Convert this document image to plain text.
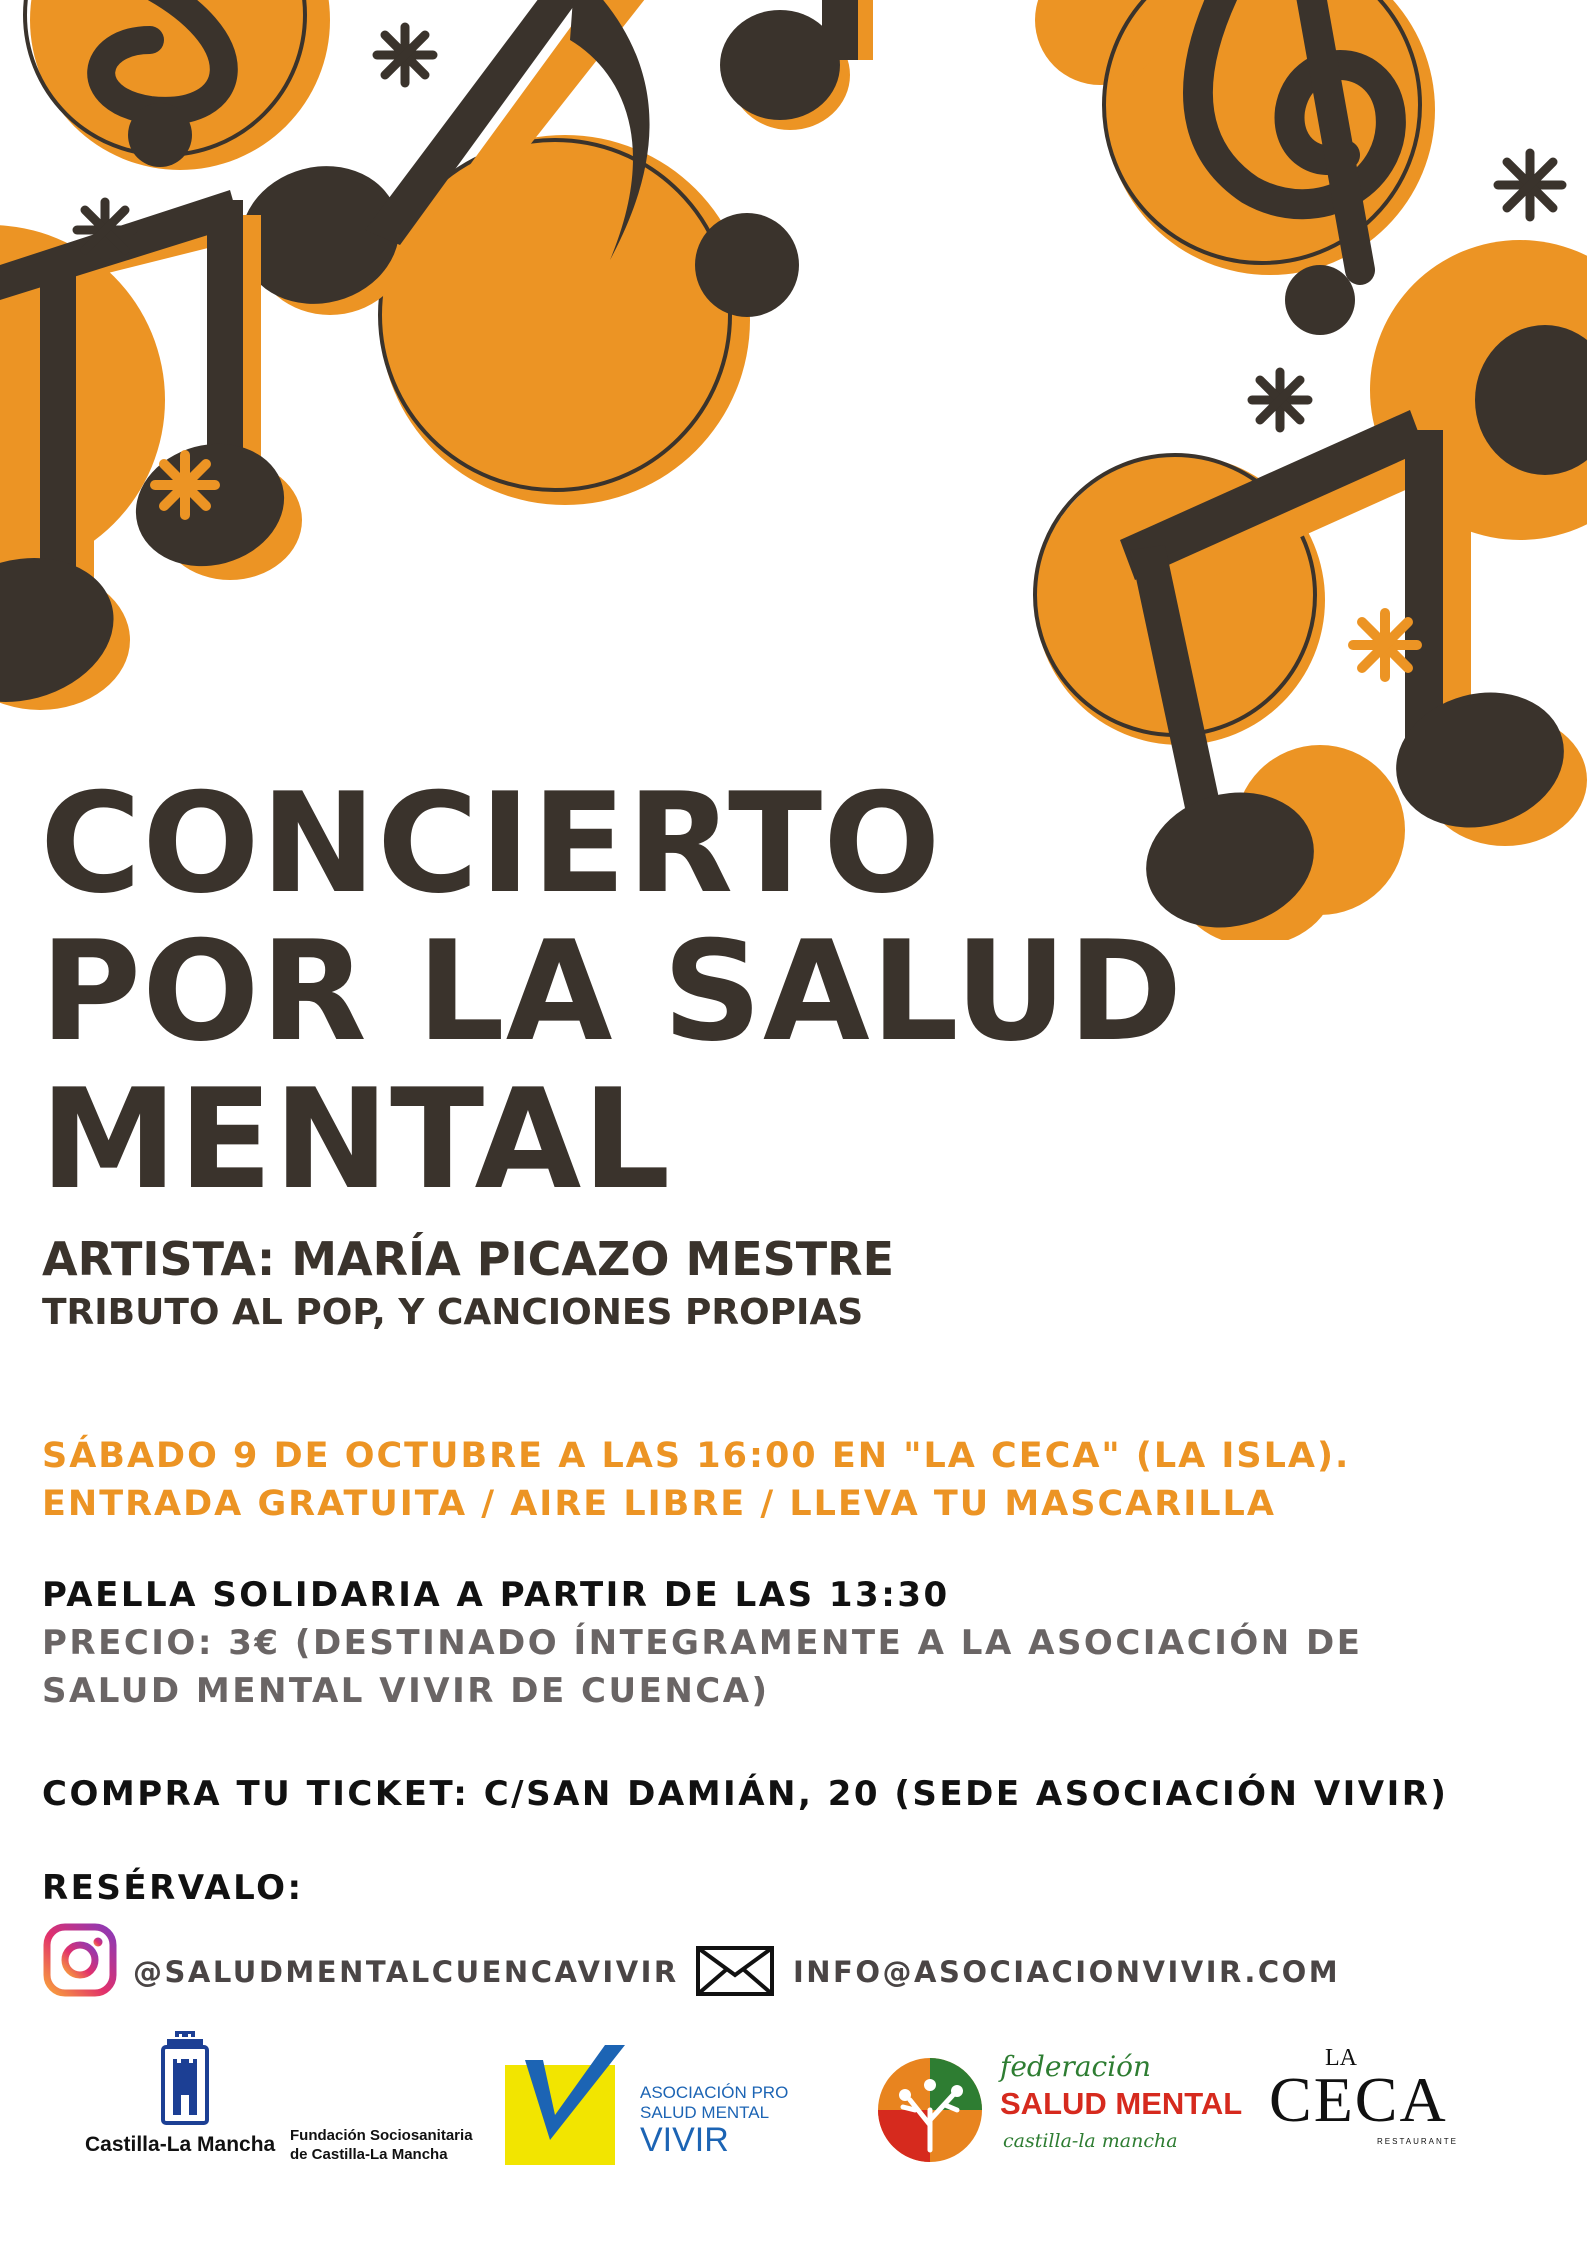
CONCIERTO
POR LA SALUD
MENTAL
ARTISTA: MARÍA PICAZO MESTRE
TRIBUTO AL POP, Y CANCIONES PROPIAS
SÁBADO 9 DE OCTUBRE A LAS 16:00 EN "LA CECA" (LA ISLA).
ENTRADA GRATUITA / AIRE LIBRE / LLEVA TU MASCARILLA
PAELLA SOLIDARIA A PARTIR DE LAS 13:30
PRECIO: 3€ (DESTINADO ÍNTEGRAMENTE A LA ASOCIACIÓN DE
SALUD MENTAL VIVIR DE CUENCA)
COMPRA TU TICKET: C/SAN DAMIÁN, 20 (SEDE ASOCIACIÓN VIVIR)
RESÉRVALO:
@SALUDMENTALCUENCAVIVIR	INFO@ASOCIACIONVIVIR.COM
Castilla-La Mancha Fundación Sociosanitaria
de Castilla-La Mancha
ASOCIACIÓN PRO
SALUD MENTAL
VIVIR
federación
SALUD MENTAL
castilla-la mancha
LA
CECA
RESTAURANTE
